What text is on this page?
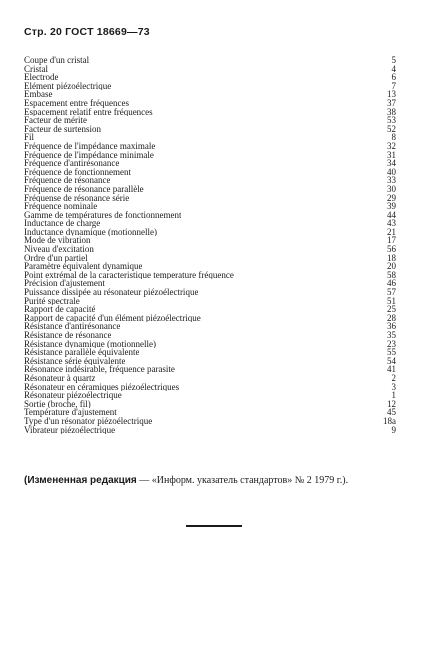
Стр. 20 ГОСТ 18669—73
Coupe d'un cristal	5
Cristal	4
Electrode	6
Elément piézoélectrique	7
Embase	13
Espacement entre fréquences	37
Espacement relatif entre fréquences	38
Facteur de mérite	53
Facteur de surtension	52
Fil	8
Fréquence de l'impédance maximale	32
Fréquence de l'impédance minimale	31
Fréquence d'antirésonance	34
Fréquence de fonctionnement	40
Fréquence de résonance	33
Fréquence de résonance parallèle	30
Fréquense de résonance série	29
Fréquence nominale	39
Gamme de températures de fonctionnement	44
Inductance de charge	43
Inductance dynamique (motionnelle)	21
Mode de vibration	17
Niveau d'excitation	56
Ordre d'un partiel	18
Paramètre équivalent dynamique	20
Point extrémal de la caracteristique temperature fréquence	58
Précision d'ajustement	46
Puissance dissipée au résonateur piézoélectrique	57
Purité spectrale	51
Rapport de capacité	25
Rapport de capacité d'un élément piézoélectrique	28
Résistance d'antirésonance	36
Résistance de résonance	35
Résistance dynamique (motionnelle)	23
Résistance parallèle équivalente	55
Résistance série équivalente	54
Résonance indésirable, fréquence parasite	41
Résonateur à quartz	2
Résonateur en céramiques piézoélectriques	3
Résonateur piézoélectrique	1
Sortie (broche, fil)	12
Température d'ajustement	45
Type d'un résonator piézoélectrique	18a
Vibrateur piézoélectrique	9
(Измененная редакция — «Информ. указатель стандартов» № 2 1979 г.).
